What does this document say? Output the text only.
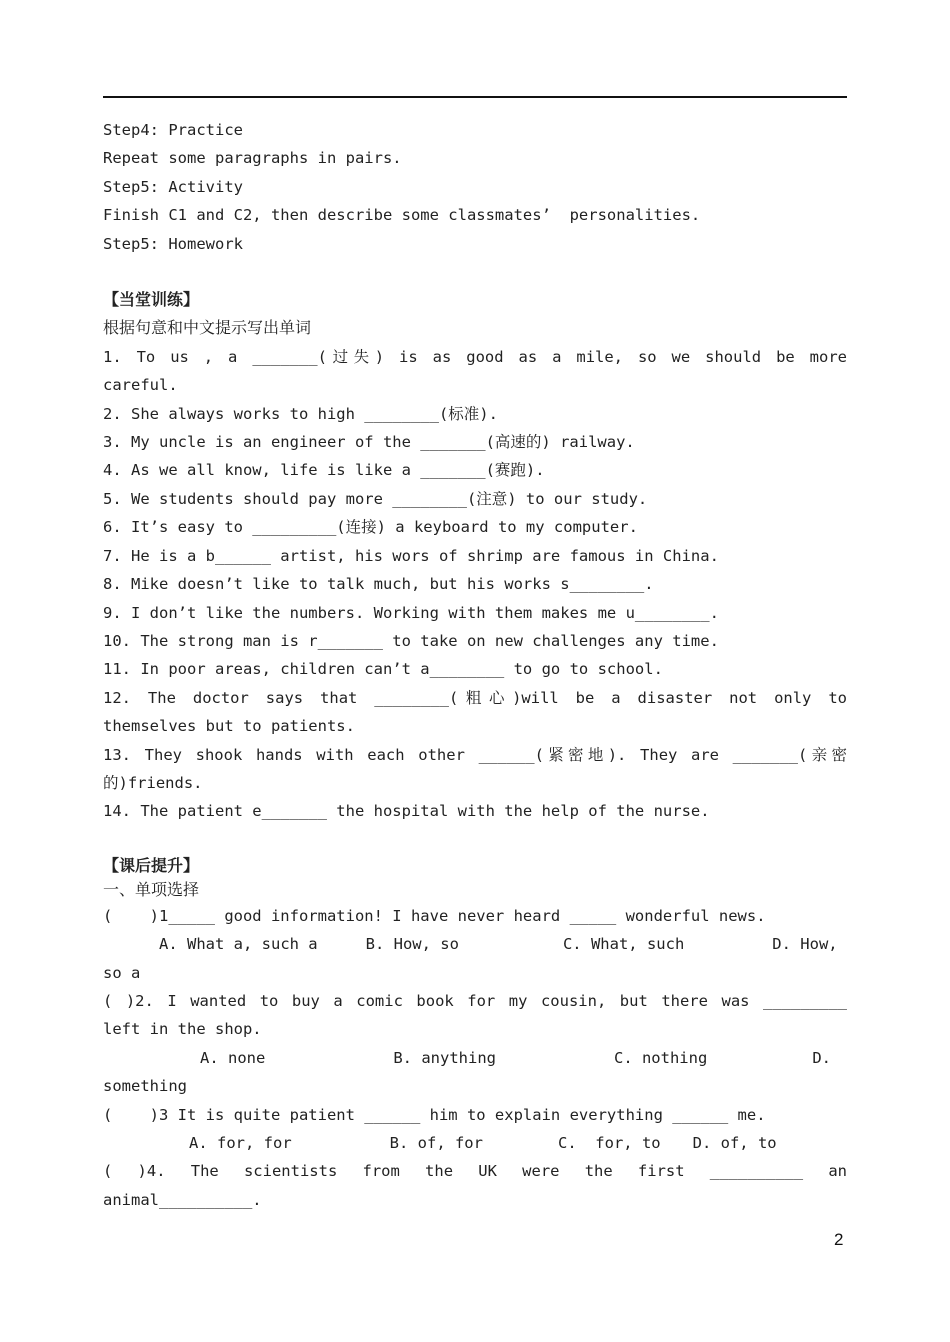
Step4: Practice
Repeat some paragraphs in pairs.
Step5: Activity
Finish C1 and C2, then describe some classmates’  personalities.
Step5: Homework
【当堂训练】
根据句意和中文提示写出单词
1. To us , a _______(过失) is as good as a mile, so we should be more
careful.
2. She always works to high ________(标准).
3. My uncle is an engineer of the _______(高速的) railway.
4. As we all know, life is like a _______(赛跑).
5. We students should pay more ________(注意) to our study.
6. It’s easy to _________(连接) a keyboard to my computer.
7. He is a b______ artist, his wors of shrimp are famous in China.
8. Mike doesn’t like to talk much, but his works s________.
9. I don’t like the numbers. Working with them makes me u________.
10. The strong man is r_______ to take on new challenges any time.
11. In poor areas, children can’t a________ to go to school.
12. The doctor says that ________(粗心)will be a disaster not only to
themselves but to patients.
13. They shook hands with each other ______(紧密地). They are _______(亲密
的)friends.
14. The patient e_______ the hospital with the help of the nurse.
【课后提升】
一、单项选择
(    )1_____ good information! I have never heard _____ wonderful news.
A. What a, such a	B. How, so	C. What, such	D. How,
so a
( )2. I wanted to buy a comic book for my cousin, but there was _________
left in the shop.
A. none	B. anything	C. nothing	D.
something
(    )3 It is quite patient ______ him to explain everything ______ me.
A. for, for	B. of, for	C.  for, to D. of, to
( )4. The scientists from the UK were the first __________ an
animal__________.
2
